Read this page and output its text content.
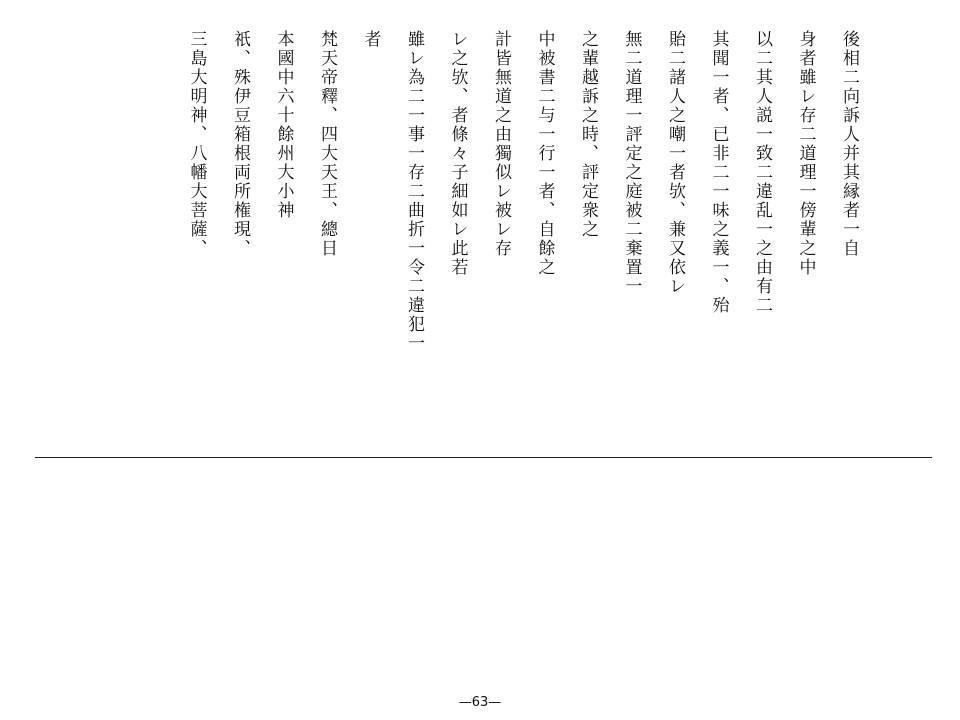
後相二向訴人并其縁者一自
身者雖レ存二道理一傍輩之中
以二其人説一致二違乱一之由有二
其聞一者、已非二一味之義一、殆
貽二諸人之嘲一者欤、兼又依レ
無二道理一評定之庭被二棄置一
之輩越訴之時、評定衆之
中被書二与一行一者、自餘之
計皆無道之由獨似レ被レ存
レ之欤、者條々子細如レ此若
雖レ為二一事一存二曲折一令二違犯一
者
梵天帝釋、四大天王、總日
本國中六十餘州大小神
祇、殊伊豆箱根両所権現、
三島大明神、八幡大菩薩、
—63—
